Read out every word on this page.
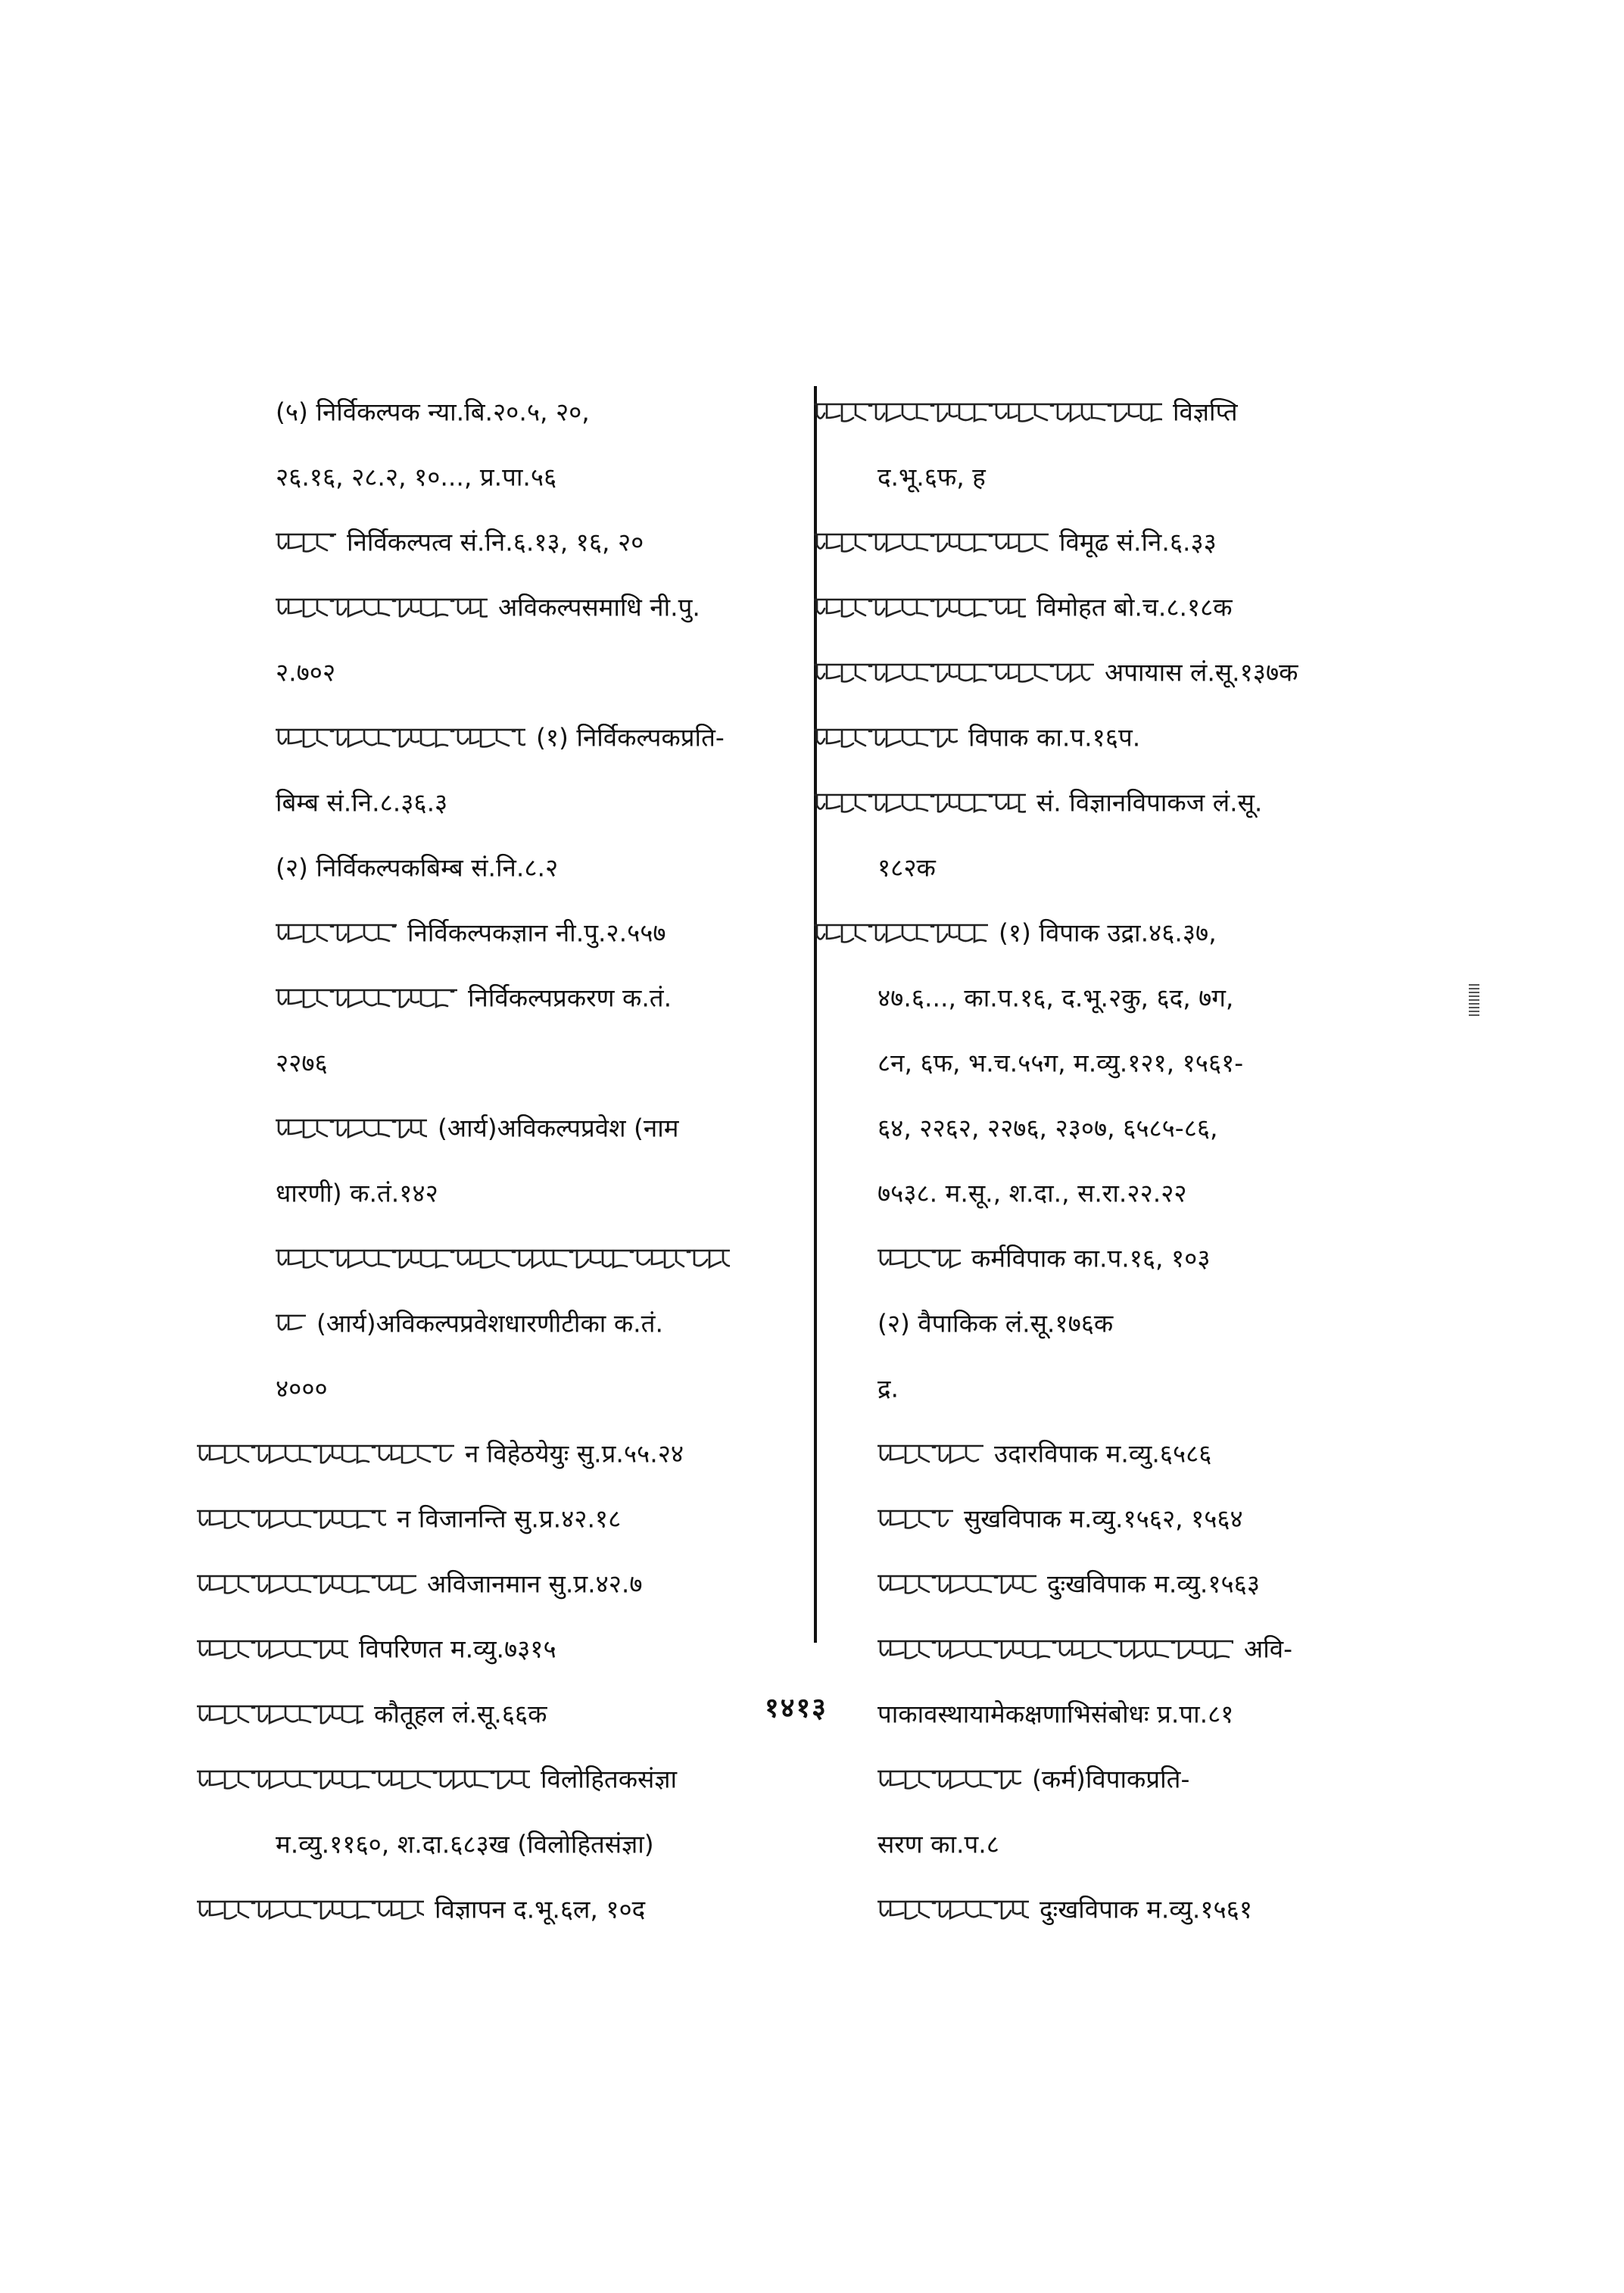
(५) निर्विकल्पक न्या.बि.२०.५, २०,
२६.१६, २८.२, १०..., प्र.पा.५६
निर्विकल्पत्व सं.नि.६.१३, १६, २०
अविकल्पसमाधि नी.पु.
२.७०२
(१) निर्विकल्पकप्रति-
बिम्ब सं.नि.८.३६.३
(२) निर्विकल्पकबिम्ब सं.नि.८.२
निर्विकल्पकज्ञान नी.पु.२.५५७
निर्विकल्पप्रकरण क.तं.
२२७६
(आर्य)अविकल्पप्रवेश (नाम
धारणी) क.तं.१४२
(आर्य)अविकल्पप्रवेशधारणीटीका क.तं.
४०००
न विहेठयेयुः सु.प्र.५५.२४
न विजानन्ति सु.प्र.४२.१८
अविजानमान सु.प्र.४२.७
विपरिणत म.व्यु.७३१५
कौतूहल लं.सू.६६क
विलोहितकसंज्ञा
म.व्यु.११६०, श.दा.६८३ख (विलोहितसंज्ञा)
विज्ञापन द.भू.६ल, १०द
विज्ञप्ति
द.भू.६फ, ह
विमूढ सं.नि.६.३३
विमोहत बो.च.८.१८क
अपायास लं.सू.१३७क
विपाक का.प.१६प.
सं. विज्ञानविपाकज लं.सू.
१८२क
(१) विपाक उद्रा.४६.३७,
४७.६..., का.प.१६, द.भू.२कु, ६द, ७ग,
८न, ६फ, भ.च.५५ग, म.व्यु.१२१, १५६१-
६४, २२६२, २२७६, २३०७, ६५८५-८६,
७५३८. म.सू., श.दा., स.रा.२२.२२
कर्मविपाक का.प.१६, १०३
(२) वैपाकिक लं.सू.१७६क
द्र.
उदारविपाक म.व्यु.६५८६
सुखविपाक म.व्यु.१५६२, १५६४
दुःखविपाक म.व्यु.१५६३
अवि-
पाकावस्थायामेकक्षणाभिसंबोधः प्र.पा.८१
(कर्म)विपाकप्रति-
सरण का.प.८
दुःखविपाक म.व्यु.१५६१
१४१३
